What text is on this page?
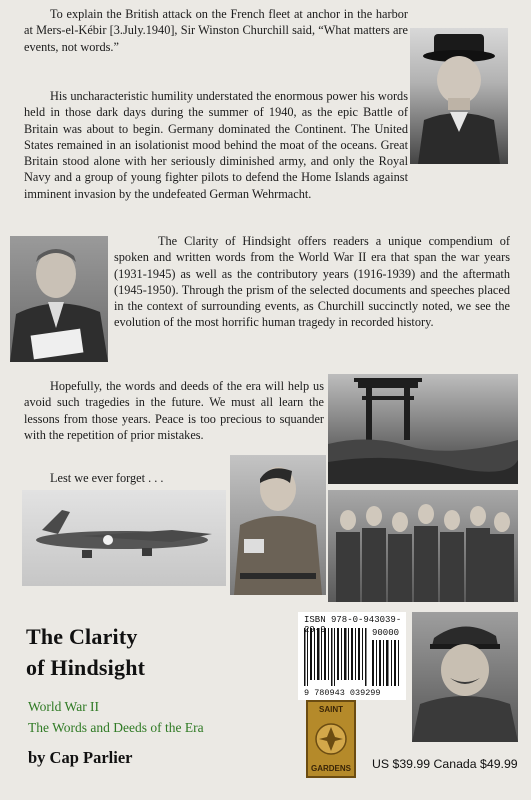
To explain the British attack on the French fleet at anchor in the harbor at Mers-el-Kébir [3.July.1940], Sir Winston Churchill said, “What matters are events, not words.”

His uncharacteristic humility understated the enormous power his words held in those dark days during the summer of 1940, as the epic Battle of Britain was about to begin. Germany dominated the Continent. The United States remained in an isolationist mood behind the moat of the oceans. Great Britain stood alone with her seriously diminished army, and only the Royal Navy and a group of young fighter pilots to defend the Home Islands against imminent invasion by the undefeated German Wehrmacht.

The Clarity of Hindsight offers readers a unique compendium of spoken and written words from the World War II era that span the war years (1931-1945) as well as the contributory years (1916-1939) and the aftermath (1945-1950). Through the prism of the selected documents and speeches placed in the context of surrounding events, as Churchill succinctly noted, we see the evolution of the most horrific human tragedy in recorded history.

Hopefully, the words and deeds of the era will help us avoid such tragedies in the future. We must all learn the lessons from those years. Peace is too precious to squander with the repetition of prior mistakes.

Lest we ever forget . . .

The Clarity
of Hindsight
World War II
The Words and Deeds of the Era
by Cap Parlier
ISBN 978-0-943039-29-9	90000
9 780943 039299
SAINT
GARDENS US $39.99 Canada $49.99
